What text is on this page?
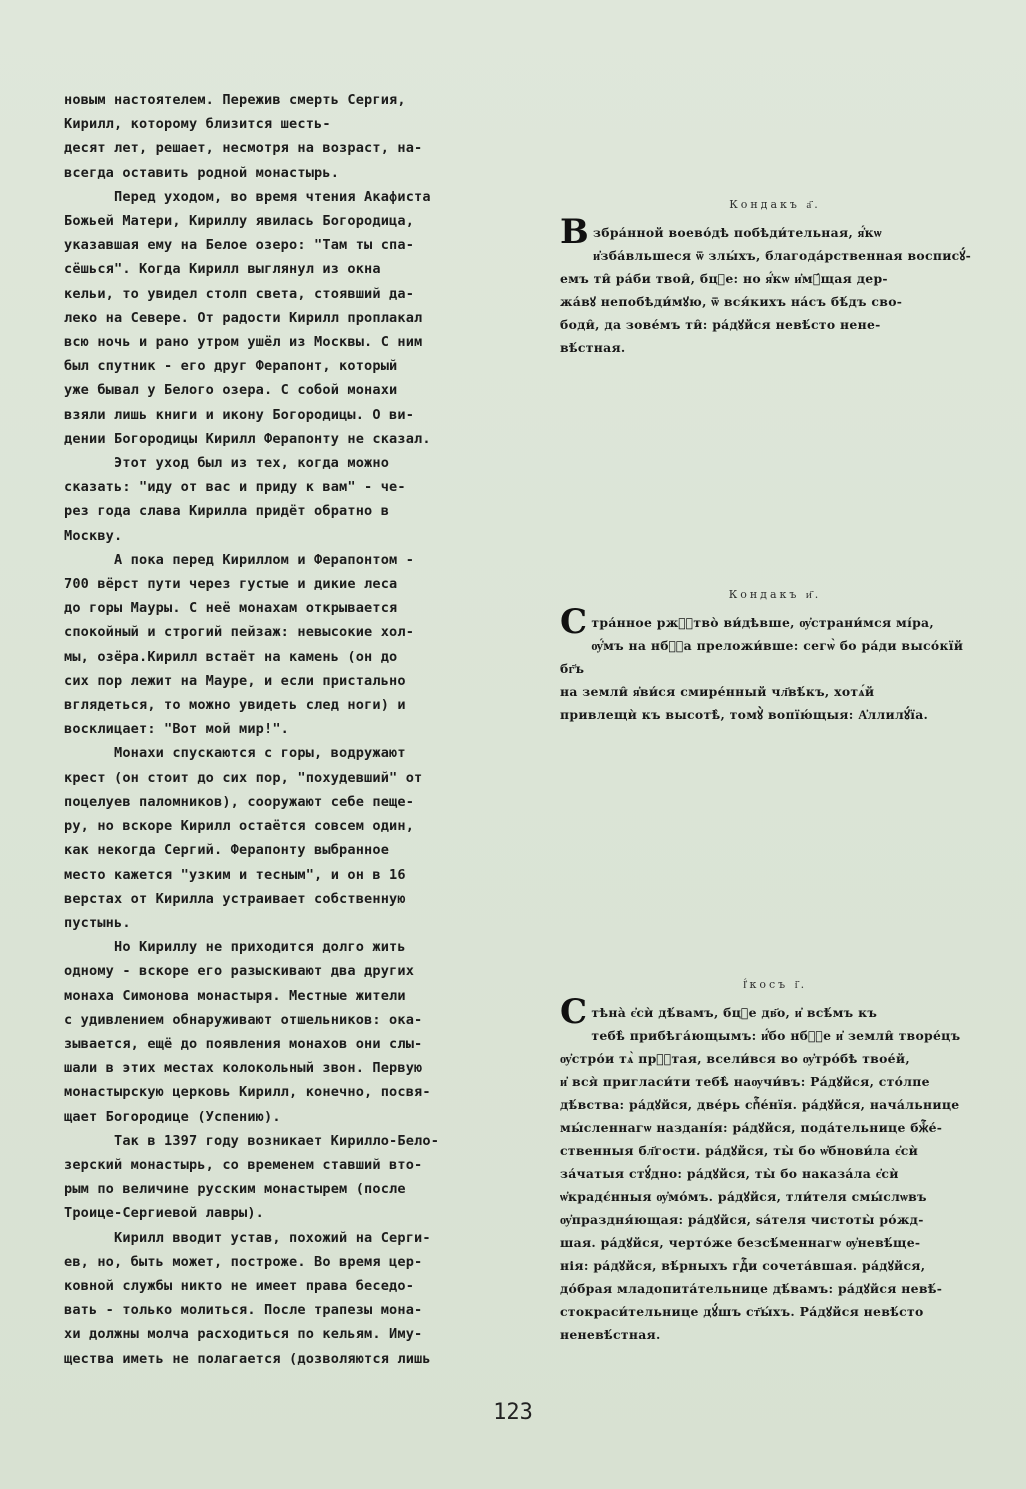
новым настоятелем. Пережив смерть Сергия,
Кирилл, которому близится шесть-
десят лет, решает, несмотря на возраст, на-
всегда оставить родной монастырь.

Перед уходом, во время чтения Акафиста
Божьей Матери, Кириллу явилась Богородица,
указавшая ему на Белое озеро: "Там ты спа-
сёшься". Когда Кирилл выглянул из окна
кельи, то увидел столп света, стоявший да-
леко на Севере. От радости Кирилл проплакал
всю ночь и рано утром ушёл из Москвы. С ним
был спутник - его друг Ферапонт, который
уже бывал у Белого озера. С собой монахи
взяли лишь книги и икону Богородицы. О ви-
дении Богородицы Кирилл Ферапонту не сказал.

Этот уход был из тех, когда можно
сказать: "иду от вас и приду к вам" - че-
рез года слава Кирилла придёт обратно в
Москву.

А пока перед Кириллом и Ферапонтом -
700 вёрст пути через густые и дикие леса
до горы Мауры. С неё монахам открывается
спокойный и строгий пейзаж: невысокие хол-
мы, озёра.Кирилл встаёт на камень (он до
сих пор лежит на Мауре, и если пристально
вглядеться, то можно увидеть след ноги) и
восклицает: "Вот мой мир!".

Монахи спускаются с горы, водружают
крест (он стоит до сих пор, "похудевший" от
поцелуев паломников), сооружают себе пеще-
ру, но вскоре Кирилл остаётся совсем один,
как некогда Сергий. Ферапонту выбранное
место кажется "узким и тесным", и он в 16
верстах от Кирилла устраивает собственную
пустынь.

Но Кириллу не приходится долго жить
одному - вскоре его разыскивают два других
монаха Симонова монастыря. Местные жители
с удивлением обнаруживают отшельников: ока-
зывается, ещё до появления монахов они слы-
шали в этих местах колокольный звон. Первую
монастырскую церковь Кирилл, конечно, посвя-
щает Богородице (Успению).

Так в 1397 году возникает Кирилло-Бело-
зерский монастырь, со временем ставший вто-
рым по величине русским монастырем (после
Троице-Сергиевой лавры).

Кирилл вводит устав, похожий на Серги-
ев, но, быть может, построже. Во время цер-
ковной службы никто не имеет права беседо-
вать - только молиться. После трапезы мона-
хи должны молча расходиться по кельям. Иму-
щества иметь не полагается (дозволяются лишь

Кондакъ а҃.
Взбра́нной воево́дѣ побѣди́тельная, я҆́кѡ
и҆зба́вльшеся ѿ злы́хъ, благода́рственная восписꙋ́-
емъ ти̑ ра́би твои̑, бцⷣе: но я҆́кѡ и҆мꙋ́щая дер-
жа́вꙋ непобѣди́мꙋю, ѿ вся́кихъ на́съ бѣ́дъ сво-
боди̑, да зове́мъ ти̑: ра́дꙋйся невѣ́сто нене-
вѣ́стная.
Кондакъ и҃.
Стра́нное ржⷭ҇тво̀ ви́дѣвше, ѹ҆страни́мся мі́ра,
ѹ҆́мъ на нбⷭ҇а преложи́вше: сегѡ̀ бо ра́ди высо́кїй бг҃ъ
на земли̑ я҆ви́ся смире́нный чл҃вѣ́къ, хотѧ́й
привлещѝ къ высотѣ̀, томꙋ̀ вопїю́щыя: А҆ллилꙋ́їа.
І҆́косъ і҃.
Стѣна̀ є҆сѝ дѣ́вамъ, бцⷣе дв҃о, и҆ всѣ́мъ къ
тебѣ̀ прибѣга́ющымъ: и҆́бо нбⷭ҇е и҆ земли̑ творе́цъ
ѹ҆стро́и тѧ̀ прⷭ҇тая, всели́вся во ѹ҆тро́бѣ твое́й,
и҆ вся̀ пригласи́ти тебѣ̀ наѹчи́въ: Ра́дꙋйся, сто́лпе
дѣ́вства: ра́дꙋйся, две́рь спⷭ҇е́нїя. ра́дꙋйся, нача́льнице
мы́сленнагѡ наздані́я: ра́дꙋйся, пода́тельнице бжⷭ҇е́-
ственныя бл҃гости. ра́дꙋйся, ты̀ бо ѡ҆бнови́ла є҆сѝ
за́чатыя стꙋ́дно: ра́дꙋйся, ты̀ бо наказа́ла є҆сѝ
ѡ҆крадє́нныя ѹ҆мо́мъ. ра́дꙋйся, тли́теля смы́слѡвъ
ѹ҆праздня́ющая: ра́дꙋйся, ѕа́теля чистоты̀ ро́жд-
шая. ра́дꙋйся, черто́же безсѣ́меннагѡ ѹ҆невѣ́ще-
нія: ра́дꙋйся, вѣ́рныхъ гдⷭ҇и сочета́вшая. ра́дꙋйся,
до́брая младопита́тельнице дѣ́вамъ: ра́дꙋйся невѣ́-
стокраси́тельнице дꙋ́шъ ст҃ы́хъ. Ра́дꙋйся невѣ́сто
неневѣ́стная.
123
